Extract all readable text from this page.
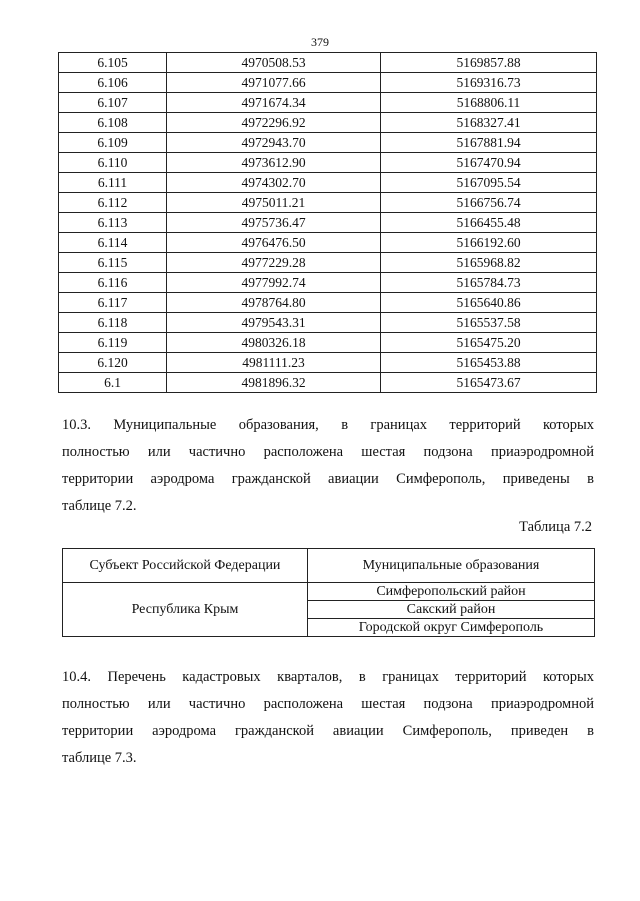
379
6.105	4970508.53	5169857.88
6.106	4971077.66	5169316.73
6.107	4971674.34	5168806.11
6.108	4972296.92	5168327.41
6.109	4972943.70	5167881.94
6.110	4973612.90	5167470.94
6.111	4974302.70	5167095.54
6.112	4975011.21	5166756.74
6.113	4975736.47	5166455.48
6.114	4976476.50	5166192.60
6.115	4977229.28	5165968.82
6.116	4977992.74	5165784.73
6.117	4978764.80	5165640.86
6.118	4979543.31	5165537.58
6.119	4980326.18	5165475.20
6.120	4981111.23	5165453.88
6.1	4981896.32	5165473.67

10.3. Муниципальные образования, в границах территорий которых
полностью или частично расположена шестая подзона приаэродромной
территории аэродрома гражданской авиации Симферополь, приведены в
таблице 7.2.

Таблица 7.2
Субъект Российской Федерации	Муниципальные образования
Республика Крым	Симферопольский район
	Сакский район
	Городской округ Симферополь

10.4. Перечень кадастровых кварталов, в границах территорий которых
полностью или частично расположена шестая подзона приаэродромной
территории аэродрома гражданской авиации Симферополь, приведен в
таблице 7.3.
